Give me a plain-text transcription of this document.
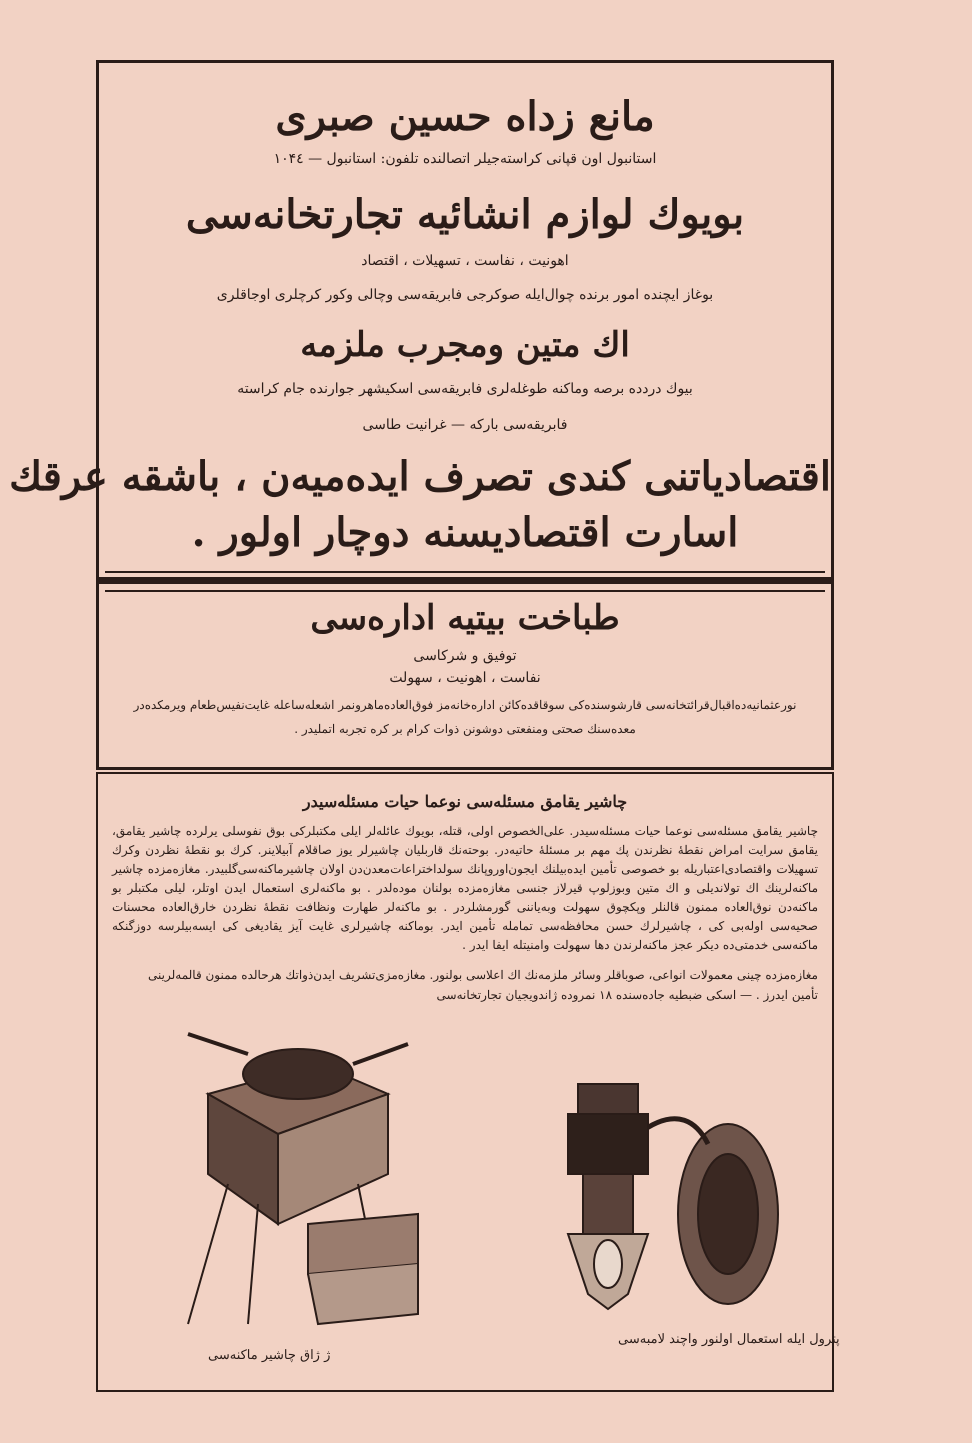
مانع زداه حسین صبری
استانبول اون قپانی کراسته‌جیلر اتصالنده تلفون: استانبول — ۱۰۴٤
بویوك لوازم انشائیه تجارتخانه‌سی
اهونیت ، نفاست ، تسهیلات ، اقتصاد
بوغاز ایچنده امور برنده چوال‌ایله صوکرجی فابریقه‌سی وچالی وکور کرچلری اوجاقلری
اك متین ومجرب ملزمه
بیوك دردده برصه وماكنه طوغله‌لری فابریقه‌سی اسكیشهر جوارنده جام كراسته
فابریقه‌سی بارکه — غرانیت طاسی
اقتصادیاتنی کندی تصرف ایده‌میه‌ن ، باشقه عرقك
اسارت اقتصادیسنه دوچار اولور .
طباخت بیتیه اداره‌سی
توفیق و شرکاسی
نفاست ، اهونیت ، سهولت
نورعثمانیه‌ده‌اقبال‌قرائتخانه‌سی قارشوسنده‌کی سوقاقده‌کائن اداره‌خانه‌مز فوق‌العاده‌ماهرونمر اشعله‌ساعله‌ غایت‌نفیس‌طعام ویرمکده‌در
معده‌سنك صحتی ومنفعتی دوشونن ذوات کرام بر کره تجربه اتملیدر .
چاشیر یقامق مسئله‌سی نوعما حیات مسئله‌سیدر
چاشیر یقامق مسئله‌سی نوعما حیات مسئله‌سیدر. علی‌الخصوص اولی، قتله، بویوك عائله‌لر ایلی مکتبلرکی بوق نفوسلی یرلرده چاشیر یقامق، یقامق سرایت امراض نقطه‌ٔ نظرندن پك مهم بر مسئله‌ٔ حاتیه‌در. بوحته‌نك قاربلیان چاشیرلر یوز صاقلام آبیلاینر. کرك بو نقطه‌ٔ نظردن وکرك تسهیلات واقتصادی‌اعتباریله بو خصوصی تأمین ایده‌بیلنك ایجون‌اوروپانك سولد‌اختراعات‌معدن‌دن اولان چاشیرماکنه‌سی‌گلبیدر. مغازه‌مزده چاشیر ماکنه‌لرینك اك تولاندیلی و اك متین وبوزلوپ قیرلاز جنسی مغازه‌مزده بولنان موده‌لدر . بو ماکنه‌لری استعمال ایدن اوتلر، لیلی مکتبلر بو ماکنه‌دن نوق‌العاده ممنون قالنلر وپكچوق سهولت وبه‌یاننی گورمشلردر . بو ماکنه‌لر طهارت ونظافت نقطه‌ٔ نظردن خارق‌العاده محسنات صحیه‌سی اوله‌بی کی ، چاشیرلرك حسن محافظه‌سی تمامله تأمین ایدر. بوماکنه چاشیرلری غایت آیز یقادیغی کی ایسه‌بیلرسه دوزگنکه ماکنه‌سی خدمتی‌ده دیکر عجز ماکنه‌لرندن دها سهولت وامنیتله ایفا ایدر .
مغازه‌مزده چینی معمولات انواعی، صوباقلر وسائر ملزمه‌نك اك اعلاسی بولنور. مغازه‌مزی‌تشریف ایدن‌ذواتك هرحالده ممنون قالمه‌لرینی
تأمین ایدرز . — اسکی ضبطیه جاده‌سنده ۱۸ نمروده ژاندویجیان تجارتخانه‌سی
ژ ژاق چاشیر ماکنه‌سی
پترول ایله استعمال اولنور واچند لامبه‌سی
